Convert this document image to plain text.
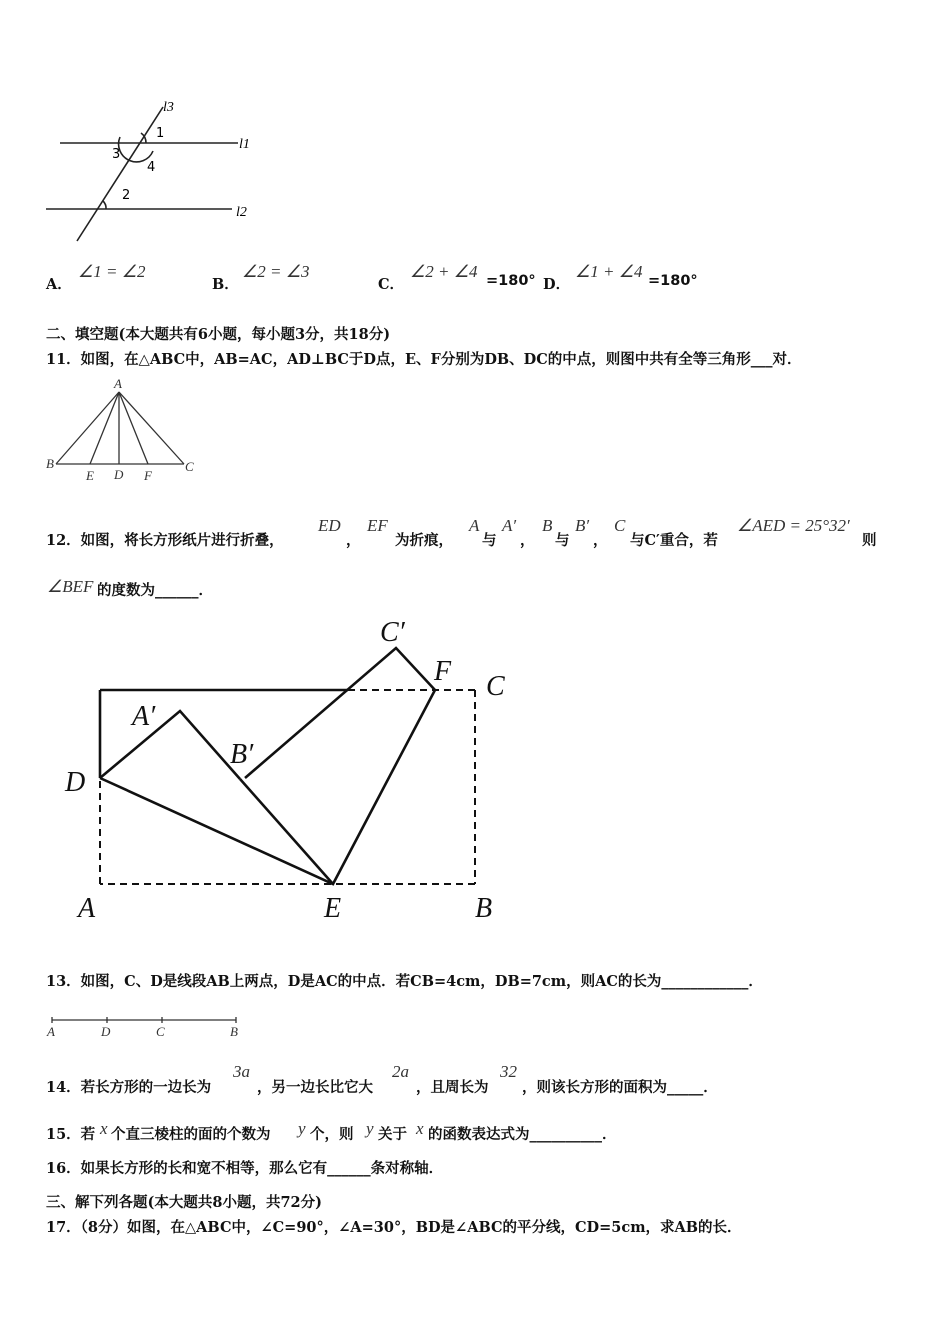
l3
l1
l2
1
3
4
2
A．
∠1 = ∠2
B．
∠2 = ∠3
C．
∠2 + ∠4 =180° D．
∠1 + ∠4 =180°
二、填空题(本大题共有6小题，每小题3分，共18分)
11．如图，在△ABC中，AB=AC，AD⊥BC于D点，E、F分别为DB、DC的中点，则图中共有全等三角形___对．
A
B
E D F
C
12．如图，将长方形纸片进行折叠，
ED
，
EF
为折痕，
A
与
A′
，
B
与
B′
，
C
与C′重合，若
∠AED = 25°32′
则
∠BEF 的度数为______．
C′
F C
A′
B′
D
A	E	B
13．如图，C、D是线段AB上两点，D是AC的中点．若CB=4cm，DB=7cm，则AC的长为____________．
A	D	C	B
14．若长方形的一边长为
3a
，另一边长比它大
2a
，且周长为
32
，则该长方形的面积为_____．
15．若 x 个直三棱柱的面的个数为 y 个，则 y 关于 x 的函数表达式为__________．
16．如果长方形的长和宽不相等，那么它有______条对称轴．
三、解下列各题(本大题共8小题，共72分)
17．（8分）如图，在△ABC中，∠C=90°，∠A=30°，BD是∠ABC的平分线，CD=5cm，求AB的长．
